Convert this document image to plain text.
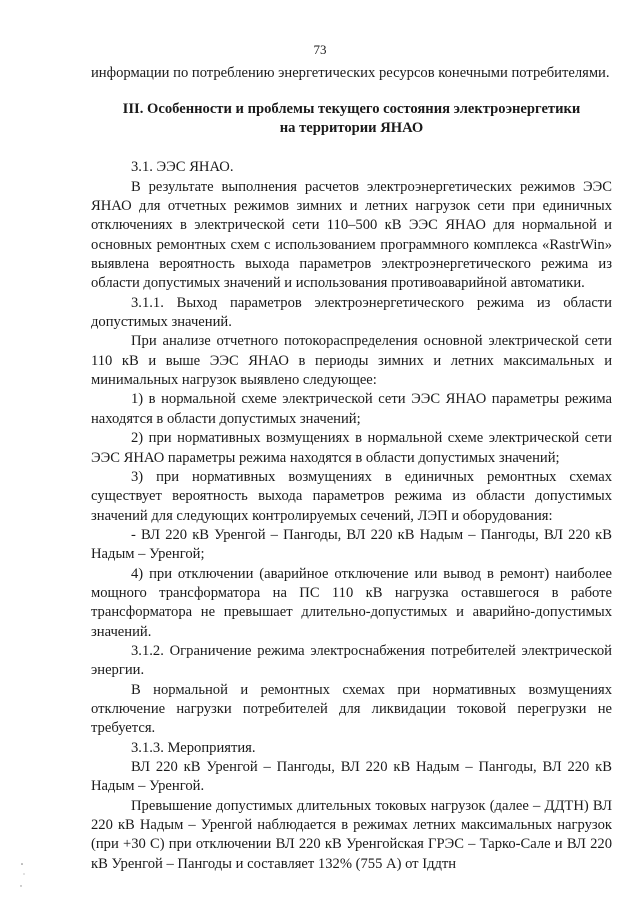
73

информации по потреблению энергетических ресурсов конечными потребителями.

III. Особенности и проблемы текущего состояния электроэнергетики

на территории ЯНАО

3.1. ЭЭС ЯНАО.

В результате выполнения расчетов электроэнергетических режимов ЭЭС ЯНАО для отчетных режимов зимних и летних нагрузок сети при единичных отключениях в электрической сети 110–500 кВ ЭЭС ЯНАО для нормальной и основных ремонтных схем с использованием программного комплекса «RastrWin» выявлена вероятность выхода параметров электроэнергетического режима из области допустимых значений и использования противоаварийной автоматики.

3.1.1. Выход параметров электроэнергетического режима из области допустимых значений.

При анализе отчетного потокораспределения основной электрической сети 110 кВ и выше ЭЭС ЯНАО в периоды зимних и летних максимальных и минимальных нагрузок выявлено следующее:

1) в нормальной схеме электрической сети ЭЭС ЯНАО параметры режима находятся в области допустимых значений;

2) при нормативных возмущениях в нормальной схеме электрической сети ЭЭС ЯНАО параметры режима находятся в области допустимых значений;

3) при нормативных возмущениях в единичных ремонтных схемах существует вероятность выхода параметров режима из области допустимых значений для следующих контролируемых сечений, ЛЭП и оборудования:

- ВЛ 220 кВ Уренгой – Пангоды, ВЛ 220 кВ Надым – Пангоды, ВЛ 220 кВ Надым – Уренгой;

4) при отключении (аварийное отключение или вывод в ремонт) наиболее мощного трансформатора на ПС 110 кВ нагрузка оставшегося в работе трансформатора не превышает длительно-допустимых и аварийно-допустимых значений.

3.1.2. Ограничение режима электроснабжения потребителей электрической энергии.

В нормальной и ремонтных схемах при нормативных возмущениях отключение нагрузки потребителей для ликвидации токовой перегрузки не требуется.

3.1.3. Мероприятия.

ВЛ 220 кВ Уренгой – Пангоды, ВЛ 220 кВ Надым – Пангоды, ВЛ 220 кВ Надым – Уренгой.

Превышение допустимых длительных токовых нагрузок (далее – ДДТН) ВЛ 220 кВ Надым – Уренгой наблюдается в режимах летних максимальных нагрузок (при +30 С) при отключении ВЛ 220 кВ Уренгойская ГРЭС – Тарко-Сале и ВЛ 220 кВ Уренгой – Пангоды и составляет 132% (755 А) от Iддтн
